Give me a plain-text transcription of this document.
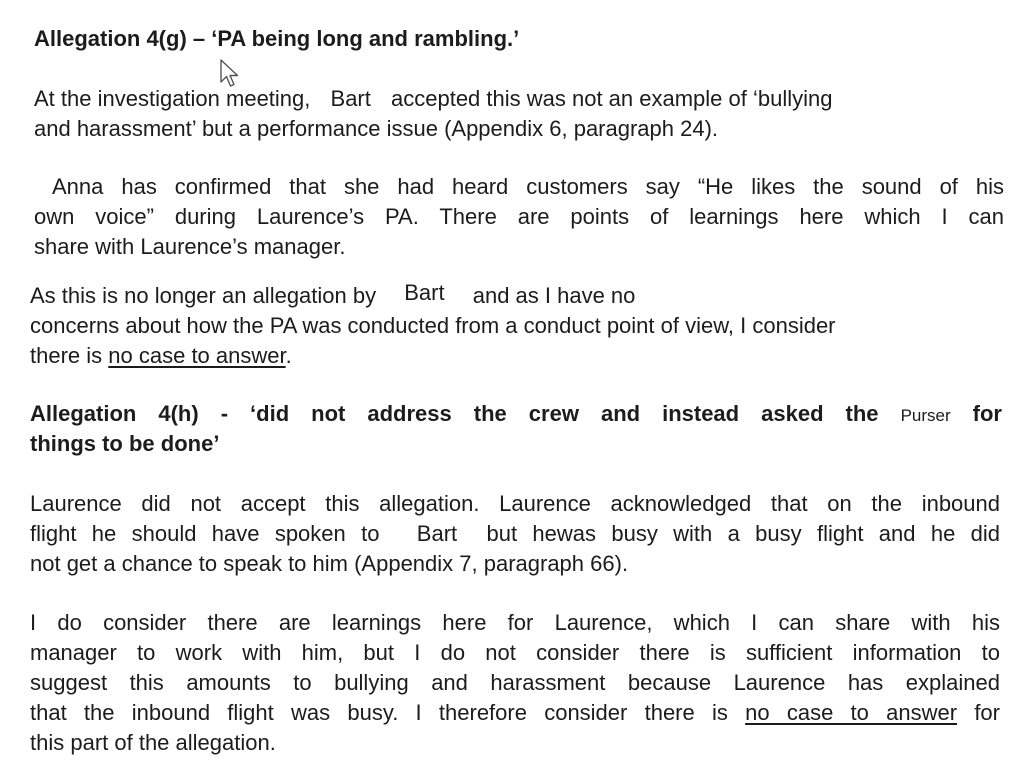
Allegation 4(g) – ‘PA being long and rambling.’
At the investigation meeting, Bart accepted this was not an example of ‘bullying
and harassment’ but a performance issue (Appendix 6, paragraph 24).
Anna has confirmed that she had heard customers say “He likes the sound of his
own voice” during Laurence’s PA. There are points of learnings here which I can
share with Laurence’s manager.
As this is no longer an allegation by Bart and as I have no
concerns about how the PA was conducted from a conduct point of view, I consider
there is no case to answer.
Allegation 4(h) - ‘did not address the crew and instead asked the Purser for
things to be done’
Laurence did not accept this allegation. Laurence acknowledged that on the inbound
flight he should have spoken to Bart but hewas busy with a busy flight and he did
not get a chance to speak to him (Appendix 7, paragraph 66).
I do consider there are learnings here for Laurence, which I can share with his
manager to work with him, but I do not consider there is sufficient information to
suggest this amounts to bullying and harassment because Laurence has explained
that the inbound flight was busy. I therefore consider there is no case to answer for
this part of the allegation.
